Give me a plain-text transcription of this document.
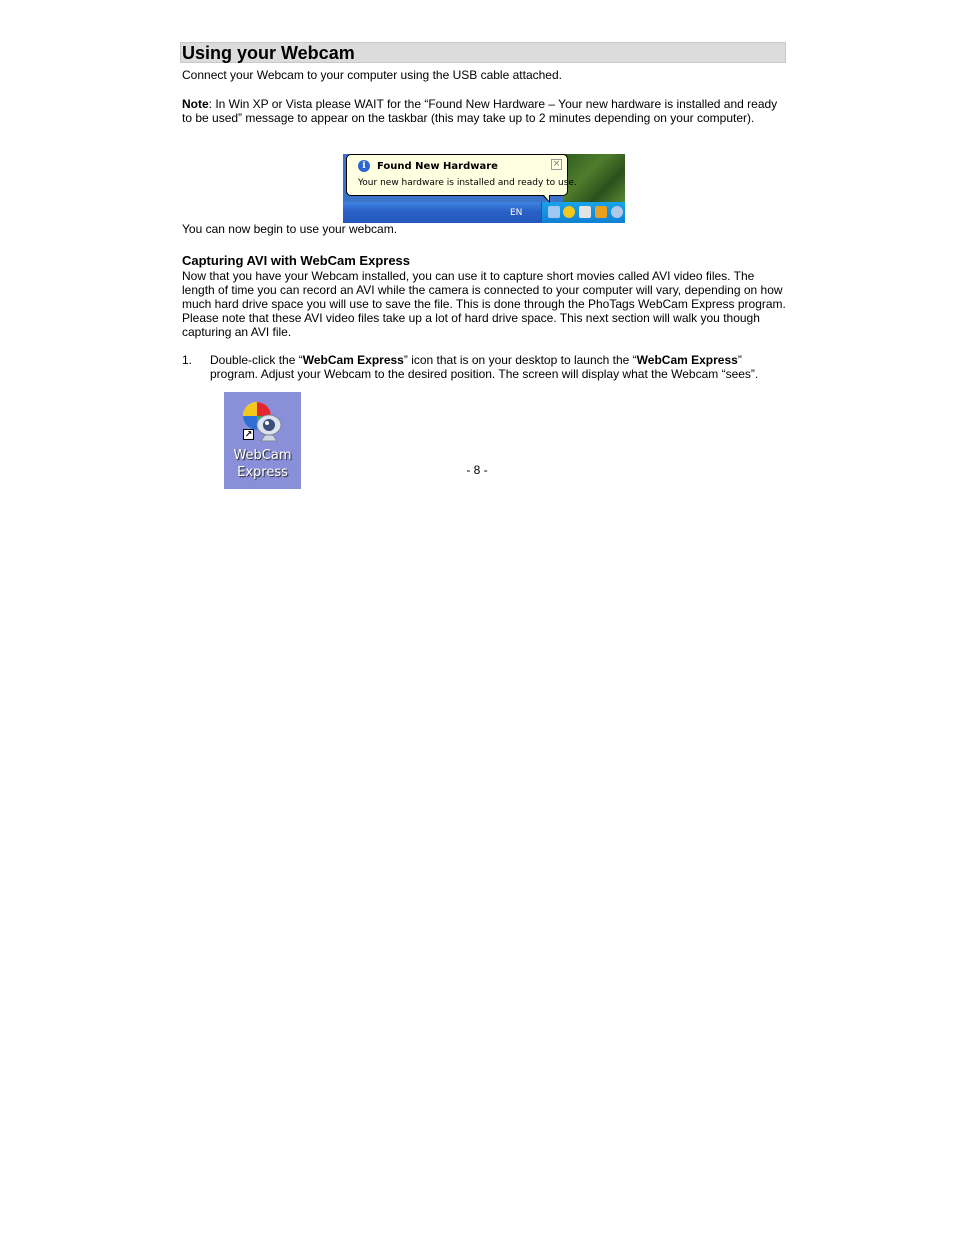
Using your Webcam

Connect your Webcam to your computer using the USB cable attached.

Note: In Win XP or Vista please WAIT for the “Found New Hardware – Your new hardware is installed and ready to be used” message to appear on the taskbar (this may take up to 2 minutes depending on your computer).

EN
i	Found New Hardware
Your new hardware is installed and ready to use.
×

You can now begin to use your webcam.

Capturing AVI with WebCam Express

Now that you have your Webcam installed, you can use it to capture short movies called AVI video files. The length of time you can record an AVI while the camera is connected to your computer will vary, depending on how much hard drive space you will use to save the file. This is done through the PhoTags WebCam Express program. Please note that these AVI video files take up a lot of hard drive space. This next section will walk you though capturing an AVI file.

1. Double-click the “WebCam Express” icon that is on your desktop to launch the “WebCam Express” program. Adjust your Webcam to the desired position. The screen will display what the Webcam “sees”.

↗
WebCam
Express	- 8 -
